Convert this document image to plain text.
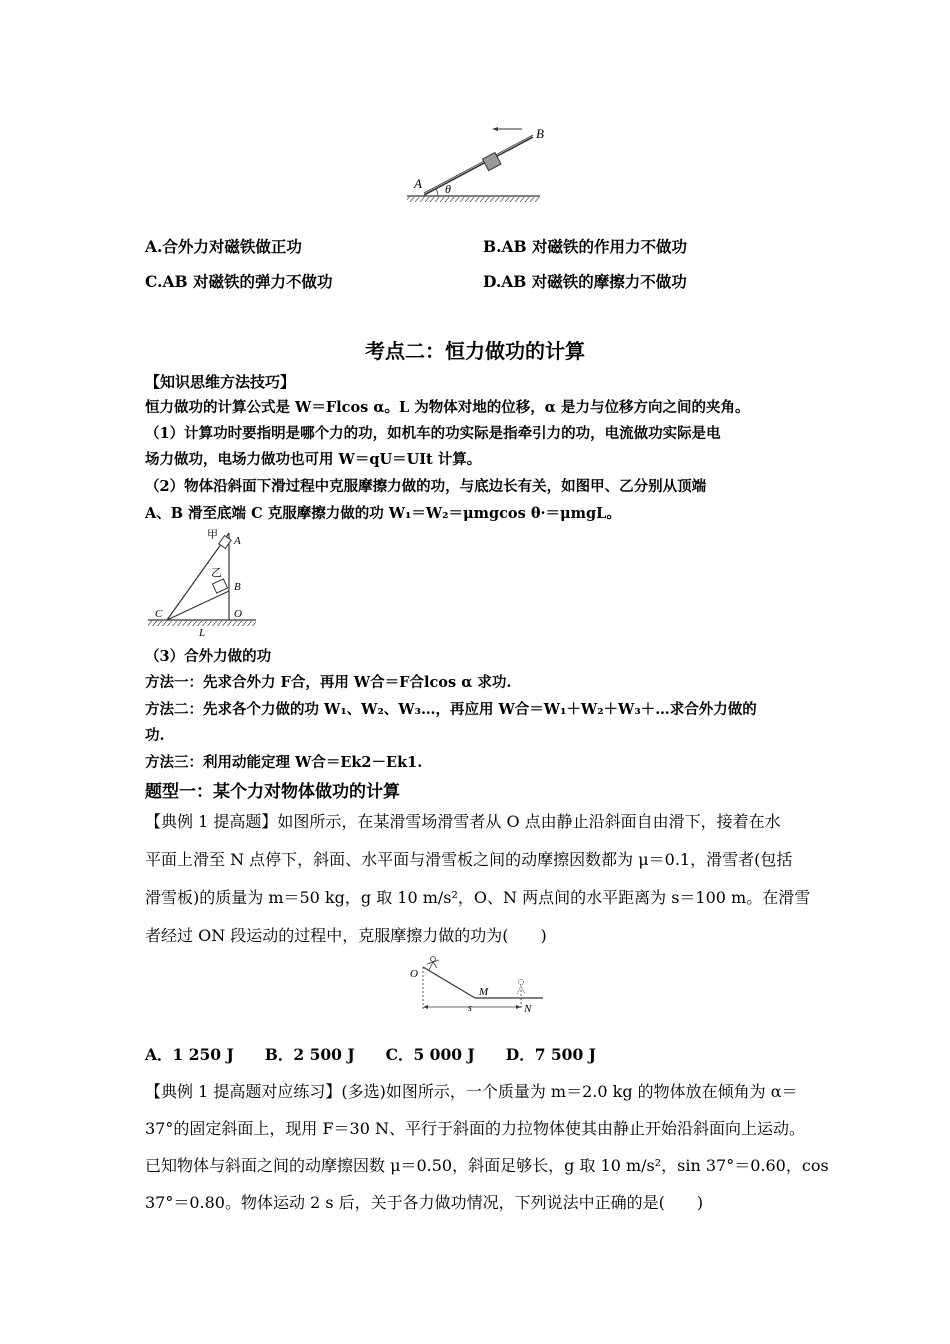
A
B
θ
A.合外力对磁铁做正功	B.AB 对磁铁的作用力不做功
C.AB 对磁铁的弹力不做功	D.AB 对磁铁的摩擦力不做功
考点二：恒力做功的计算
【知识思维方法技巧】
恒力做功的计算公式是 W＝Flcos α。L 为物体对地的位移，α 是力与位移方向之间的夹角。
（1）计算功时要指明是哪个力的功，如机车的功实际是指牵引力的功，电流做功实际是电
场力做功，电场力做功也可用 W＝qU＝UIt 计算。
（2）物体沿斜面下滑过程中克服摩擦力做的功，与底边长有关，如图甲、乙分别从顶端
A、B 滑至底端 C 克服摩擦力做的功 W₁＝W₂＝μmgcos θ·＝μmgL。
甲 A
乙
B
C	O
L
（3）合外力做的功
方法一：先求合外力 F合，再用 W合＝F合lcos α 求功.
方法二：先求各个力做的功 W₁、W₂、W₃…，再应用 W合＝W₁＋W₂＋W₃＋…求合外力做的
功.
方法三：利用动能定理 W合＝Ek2－Ek1.
题型一：某个力对物体做功的计算
【典例 1 提高题】如图所示，在某滑雪场滑雪者从 O 点由静止沿斜面自由滑下，接着在水
平面上滑至 N 点停下，斜面、水平面与滑雪板之间的动摩擦因数都为 μ＝0.1，滑雪者(包括
滑雪板)的质量为 m＝50 kg，g 取 10 m/s²，O、N 两点间的水平距离为 s＝100 m。在滑雪
者经过 ON 段运动的过程中，克服摩擦力做的功为(　　)
O
M
N
s
A．1 250 J　　B．2 500 J　　C．5 000 J　　D．7 500 J
【典例 1 提高题对应练习】(多选)如图所示，一个质量为 m＝2.0 kg 的物体放在倾角为 α＝
37°的固定斜面上，现用 F＝30 N、平行于斜面的力拉物体使其由静止开始沿斜面向上运动。
已知物体与斜面之间的动摩擦因数 μ＝0.50，斜面足够长，g 取 10 m/s²，sin 37°＝0.60，cos
37°＝0.80。物体运动 2 s 后，关于各力做功情况，下列说法中正确的是(　　)
